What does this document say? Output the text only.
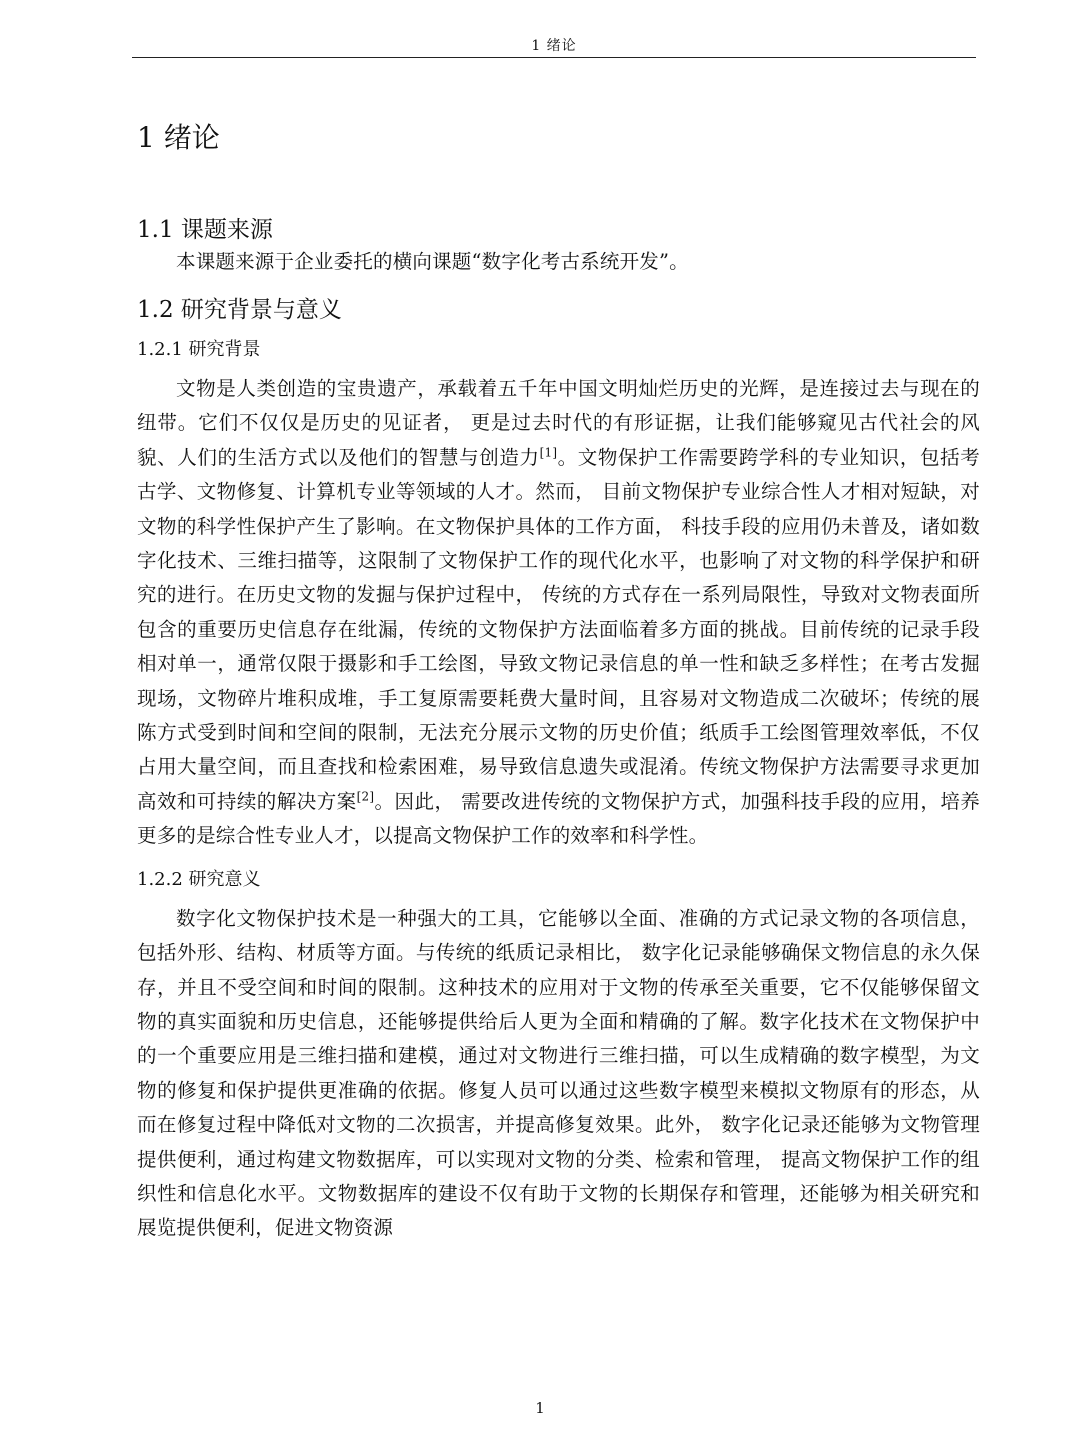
1 绪论
1 绪论
1.1 课题来源

本课题来源于企业委托的横向课题“数字化考古系统开发”。

1.2 研究背景与意义
1.2.1 研究背景

文物是人类创造的宝贵遗产，承载着五千年中国文明灿烂历史的光辉，是连接过去与现在的纽带。它们不仅仅是历史的见证者， 更是过去时代的有形证据，让我们能够窥见古代社会的风貌、人们的生活方式以及他们的智慧与创造力[1]。文物保护工作需要跨学科的专业知识，包括考古学、文物修复、计算机专业等领域的人才。然而， 目前文物保护专业综合性人才相对短缺，对文物的科学性保护产生了影响。在文物保护具体的工作方面， 科技手段的应用仍未普及，诸如数字化技术、三维扫描等，这限制了文物保护工作的现代化水平，也影响了对文物的科学保护和研究的进行。在历史文物的发掘与保护过程中， 传统的方式存在一系列局限性，导致对文物表面所包含的重要历史信息存在纰漏，传统的文物保护方法面临着多方面的挑战。目前传统的记录手段相对单一，通常仅限于摄影和手工绘图，导致文物记录信息的单一性和缺乏多样性；在考古发掘现场，文物碎片堆积成堆，手工复原需要耗费大量时间，且容易对文物造成二次破坏；传统的展陈方式受到时间和空间的限制，无法充分展示文物的历史价值；纸质手工绘图管理效率低，不仅占用大量空间，而且查找和检索困难，易导致信息遗失或混淆。传统文物保护方法需要寻求更加高效和可持续的解决方案[2]。因此， 需要改进传统的文物保护方式，加强科技手段的应用，培养更多的是综合性专业人才，以提高文物保护工作的效率和科学性。

1.2.2 研究意义

数字化文物保护技术是一种强大的工具，它能够以全面、准确的方式记录文物的各项信息，包括外形、结构、材质等方面。与传统的纸质记录相比， 数字化记录能够确保文物信息的永久保存，并且不受空间和时间的限制。这种技术的应用对于文物的传承至关重要，它不仅能够保留文物的真实面貌和历史信息，还能够提供给后人更为全面和精确的了解。数字化技术在文物保护中的一个重要应用是三维扫描和建模，通过对文物进行三维扫描，可以生成精确的数字模型，为文物的修复和保护提供更准确的依据。修复人员可以通过这些数字模型来模拟文物原有的形态，从而在修复过程中降低对文物的二次损害，并提高修复效果。此外， 数字化记录还能够为文物管理提供便利，通过构建文物数据库，可以实现对文物的分类、检索和管理， 提高文物保护工作的组织性和信息化水平。文物数据库的建设不仅有助于文物的长期保存和管理，还能够为相关研究和展览提供便利，促进文物资源

1
